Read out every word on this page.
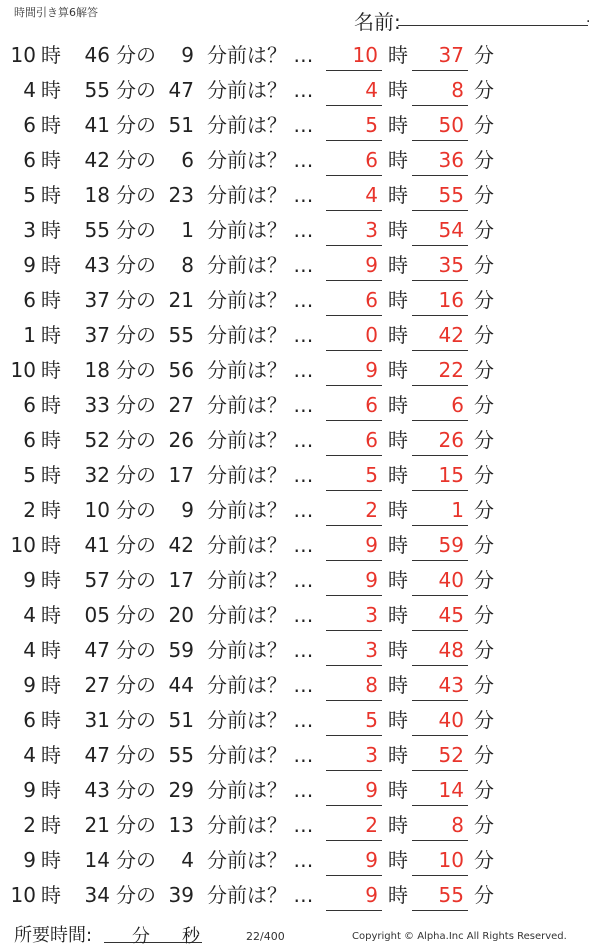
時間引き算6解答	名前:	.
10 時	46 分の	9 分前は？ …	10 時	37 分
4 時	55 分の 47 分前は？ …	4 時	8 分
6 時	41 分の 51 分前は？ …	5 時	50 分
6 時	42 分の	6 分前は？ …	6 時	36 分
5 時	18 分の 23 分前は？ …	4 時	55 分
3 時	55 分の	1 分前は？ …	3 時	54 分
9 時	43 分の	8 分前は？ …	9 時	35 分
6 時	37 分の 21 分前は？ …	6 時	16 分
1 時	37 分の 55 分前は？ …	0 時	42 分
10 時	18 分の 56 分前は？ …	9 時	22 分
6 時	33 分の 27 分前は？ …	6 時	6 分
6 時	52 分の 26 分前は？ …	6 時	26 分
5 時	32 分の 17 分前は？ …	5 時	15 分
2 時	10 分の	9 分前は？ …	2 時	1 分
10 時	41 分の 42 分前は？ …	9 時	59 分
9 時	57 分の 17 分前は？ …	9 時	40 分
4 時	05 分の 20 分前は？ …	3 時	45 分
4 時	47 分の 59 分前は？ …	3 時	48 分
9 時	27 分の 44 分前は？ …	8 時	43 分
6 時	31 分の 51 分前は？ …	5 時	40 分
4 時	47 分の 55 分前は？ …	3 時	52 分
9 時	43 分の 29 分前は？ …	9 時	14 分
2 時	21 分の 13 分前は？ …	2 時	8 分
9 時	14 分の	4 分前は？ …	9 時	10 分
10 時	34 分の 39 分前は？ …	9 時	55 分
所要時間: 分 秒	22/400	Copyright © Alpha.Inc All Rights Reserved.
